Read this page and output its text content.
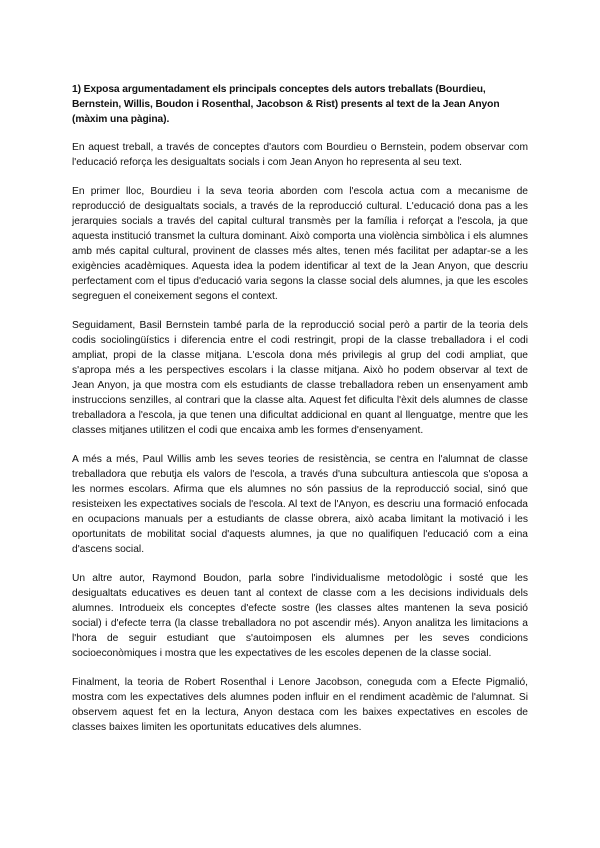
1) Exposa argumentadament els principals conceptes dels autors treballats (Bourdieu, Bernstein, Willis, Boudon i Rosenthal, Jacobson & Rist) presents al text de la Jean Anyon (màxim una pàgina).

En aquest treball, a través de conceptes d'autors com Bourdieu o Bernstein, podem observar com l'educació reforça les desigualtats socials i com Jean Anyon ho representa al seu text.

En primer lloc, Bourdieu i la seva teoria aborden com l'escola actua com a mecanisme de reproducció de desigualtats socials, a través de la reproducció cultural. L'educació dona pas a les jerarquies socials a través del capital cultural transmès per la família i reforçat a l'escola, ja que aquesta institució transmet la cultura dominant. Això comporta una violència simbòlica i els alumnes amb més capital cultural, provinent de classes més altes, tenen més facilitat per adaptar-se a les exigències acadèmiques. Aquesta idea la podem identificar al text de la Jean Anyon, que descriu perfectament com el tipus d'educació varia segons la classe social dels alumnes, ja que les escoles segreguen el coneixement segons el context.

Seguidament, Basil Bernstein també parla de la reproducció social però a partir de la teoria dels codis sociolingüístics i diferencia entre el codi restringit, propi de la classe treballadora i el codi ampliat, propi de la classe mitjana. L'escola dona més privilegis al grup del codi ampliat, que s'apropa més a les perspectives escolars i la classe mitjana. Això ho podem observar al text de Jean Anyon, ja que mostra com els estudiants de classe treballadora reben un ensenyament amb instruccions senzilles, al contrari que la classe alta. Aquest fet dificulta l'èxit dels alumnes de classe treballadora a l'escola, ja que tenen una dificultat addicional en quant al llenguatge, mentre que les classes mitjanes utilitzen el codi que encaixa amb les formes d'ensenyament.

A més a més, Paul Willis amb les seves teories de resistència, se centra en l'alumnat de classe treballadora que rebutja els valors de l'escola, a través d'una subcultura antiescola que s'oposa a les normes escolars. Afirma que els alumnes no són passius de la reproducció social, sinó que resisteixen les expectatives socials de l'escola. Al text de l'Anyon, es descriu una formació enfocada en ocupacions manuals per a estudiants de classe obrera, això acaba limitant la motivació i les oportunitats de mobilitat social d'aquests alumnes, ja que no qualifiquen l'educació com a eina d'ascens social.

Un altre autor, Raymond Boudon, parla sobre l'individualisme metodològic i sosté que les desigualtats educatives es deuen tant al context de classe com a les decisions individuals dels alumnes. Introdueix els conceptes d'efecte sostre (les classes altes mantenen la seva posició social) i d'efecte terra (la classe treballadora no pot ascendir més). Anyon analitza les limitacions a l'hora de seguir estudiant que s'autoimposen els alumnes per les seves condicions socioeconòmiques i mostra que les expectatives de les escoles depenen de la classe social.

Finalment, la teoria de Robert Rosenthal i Lenore Jacobson, coneguda com a Efecte Pigmalió, mostra com les expectatives dels alumnes poden influir en el rendiment acadèmic de l'alumnat. Si observem aquest fet en la lectura, Anyon destaca com les baixes expectatives en escoles de classes baixes limiten les oportunitats educatives dels alumnes.
